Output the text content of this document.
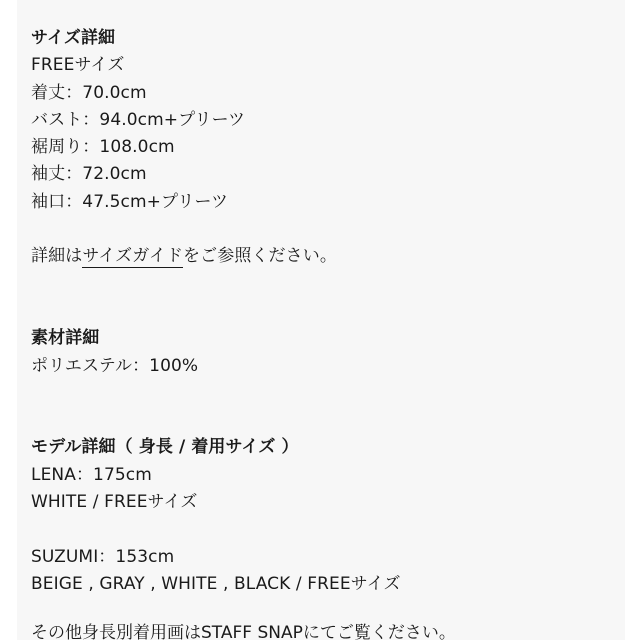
サイズ詳細
FREEサイズ
着丈：70.0cm
バスト：94.0cm+プリーツ
裾周り：108.0cm
袖丈：72.0cm
袖口：47.5cm+プリーツ
詳細はサイズガイドをご参照ください。
素材詳細
ポリエステル：100%
モデル詳細（ 身長 / 着用サイズ ）
LENA：175cm
WHITE / FREEサイズ
SUZUMI：153cm
BEIGE , GRAY , WHITE , BLACK / FREEサイズ
その他身長別着用画はSTAFF SNAPにてご覧ください。
